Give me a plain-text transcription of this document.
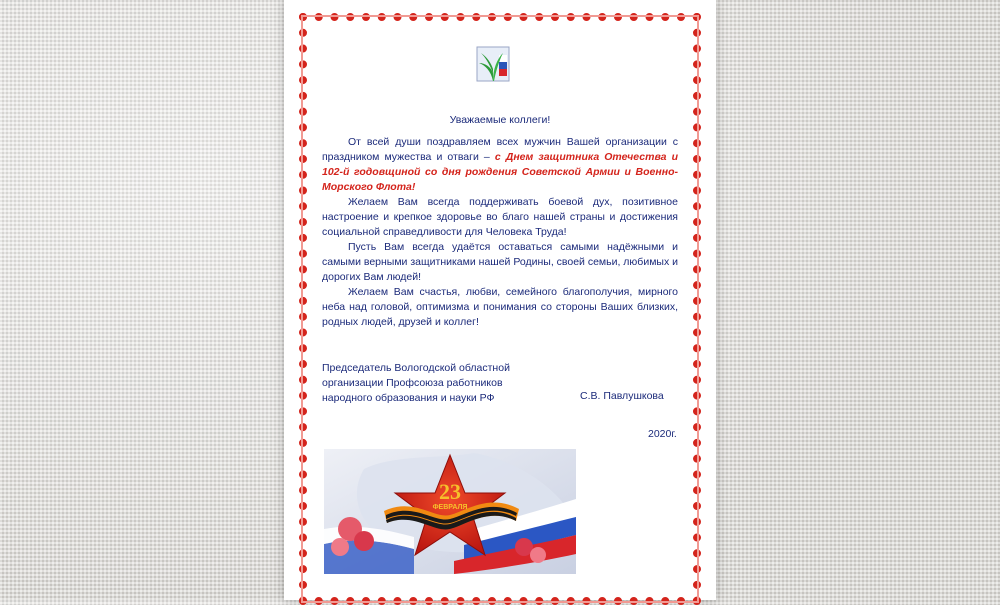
Уважаемые коллеги!

От всей души поздравляем всех мужчин Вашей организации с праздником мужества и отваги – с Днем защитника Отечества и 102-й годовщиной со дня рождения Советской Армии и Военно-Морского Флота!

Желаем Вам всегда поддерживать боевой дух, позитивное настроение и крепкое здоровье во благо нашей страны и достижения социальной справедливости для Человека Труда!

Пусть Вам всегда удаётся оставаться самыми надёжными и самыми верными защитниками нашей Родины, своей семьи, любимых и дорогих Вам людей!

Желаем Вам счастья, любви, семейного благополучия, мирного неба над головой, оптимизма и понимания со стороны Ваших близких, родных людей, друзей и коллег!

Председатель Вологодской областной
организации Профсоюза работников
народного образования и науки РФ	С.В. Павлушкова
2020г.
23
ФЕВРАЛЯ
